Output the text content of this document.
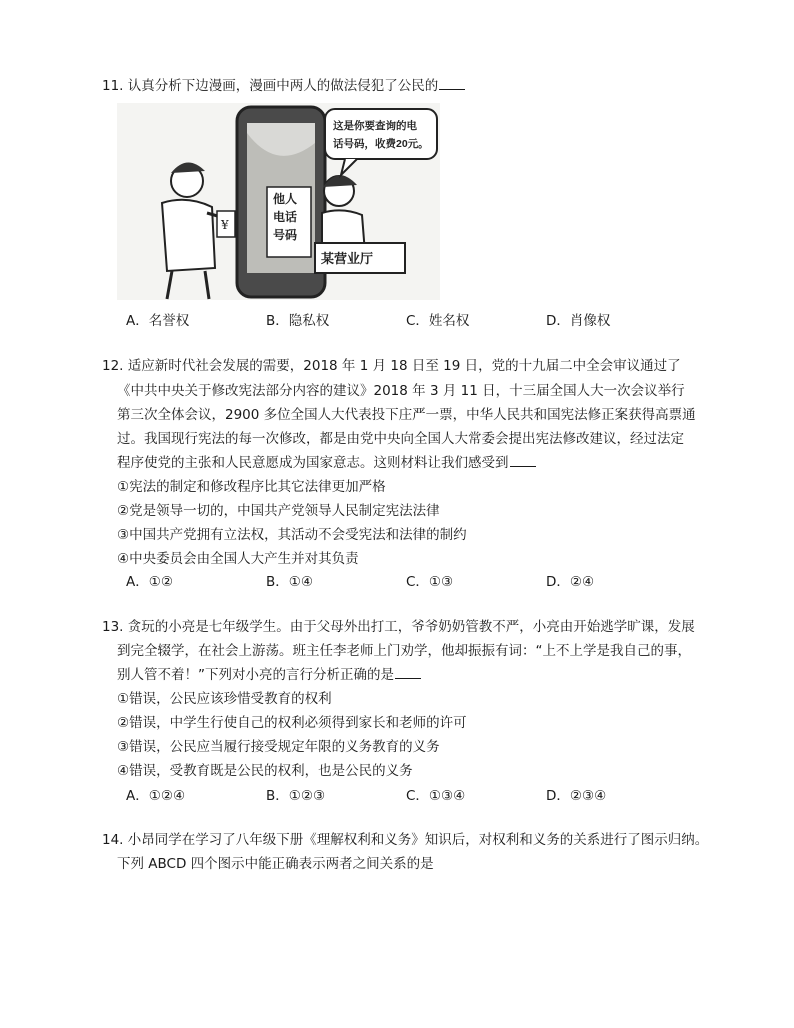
11. 认真分析下边漫画，漫画中两人的做法侵犯了公民的
¥
他人
电话
号码
这是你要查询的电
话号码，收费20元。
某营业厅
A．名誉权	B．隐私权	C．姓名权	D．肖像权
12. 适应新时代社会发展的需要，2018 年 1 月 18 日至 19 日，党的十九届二中全会审议通过了
《中共中央关于修改宪法部分内容的建议》2018 年 3 月 11 日，十三届全国人大一次会议举行
第三次全体会议，2900 多位全国人大代表投下庄严一票，中华人民共和国宪法修正案获得高票通
过。我国现行宪法的每一次修改，都是由党中央向全国人大常委会提出宪法修改建议，经过法定
程序使党的主张和人民意愿成为国家意志。这则材料让我们感受到
①宪法的制定和修改程序比其它法律更加严格
②党是领导一切的，中国共产党领导人民制定宪法法律
③中国共产党拥有立法权，其活动不会受宪法和法律的制约
④中央委员会由全国人大产生并对其负责
A．①②	B．①④	C．①③	D．②④
13. 贪玩的小亮是七年级学生。由于父母外出打工，爷爷奶奶管教不严，小亮由开始逃学旷课，发展
到完全辍学，在社会上游荡。班主任李老师上门劝学，他却振振有词：“上不上学是我自己的事，
别人管不着！”下列对小亮的言行分析正确的是
①错误，公民应该珍惜受教育的权利
②错误，中学生行使自己的权利必须得到家长和老师的许可
③错误，公民应当履行接受规定年限的义务教育的义务
④错误，受教育既是公民的权利，也是公民的义务
A．①②④	B．①②③	C．①③④	D．②③④
14. 小昂同学在学习了八年级下册《理解权利和义务》知识后，对权利和义务的关系进行了图示归纳。
下列 ABCD 四个图示中能正确表示两者之间关系的是
